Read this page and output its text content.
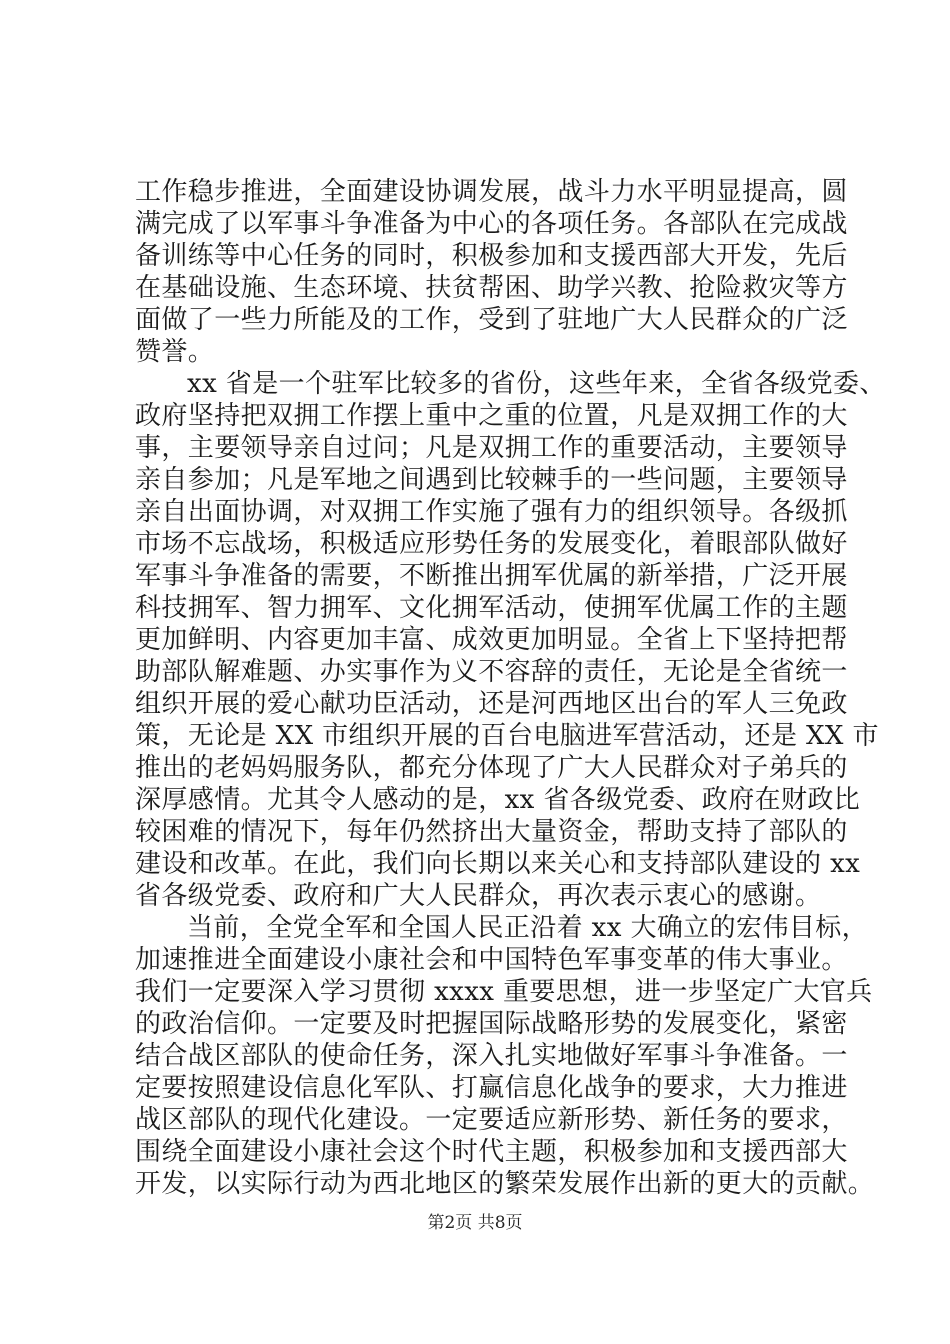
工作稳步推进，全面建设协调发展，战斗力水平明显提高，圆
满完成了以军事斗争准备为中心的各项任务。各部队在完成战
备训练等中心任务的同时，积极参加和支援西部大开发，先后
在基础设施、生态环境、扶贫帮困、助学兴教、抢险救灾等方
面做了一些力所能及的工作，受到了驻地广大人民群众的广泛
赞誉。
xx 省是一个驻军比较多的省份，这些年来，全省各级党委、
政府坚持把双拥工作摆上重中之重的位置，凡是双拥工作的大
事，主要领导亲自过问；凡是双拥工作的重要活动，主要领导
亲自参加；凡是军地之间遇到比较棘手的一些问题，主要领导
亲自出面协调，对双拥工作实施了强有力的组织领导。各级抓
市场不忘战场，积极适应形势任务的发展变化，着眼部队做好
军事斗争准备的需要，不断推出拥军优属的新举措，广泛开展
科技拥军、智力拥军、文化拥军活动，使拥军优属工作的主题
更加鲜明、内容更加丰富、成效更加明显。全省上下坚持把帮
助部队解难题、办实事作为义不容辞的责任，无论是全省统一
组织开展的爱心献功臣活动，还是河西地区出台的军人三免政
策，无论是 XX 市组织开展的百台电脑进军营活动，还是 XX 市
推出的老妈妈服务队，都充分体现了广大人民群众对子弟兵的
深厚感情。尤其令人感动的是，xx 省各级党委、政府在财政比
较困难的情况下，每年仍然挤出大量资金，帮助支持了部队的
建设和改革。在此，我们向长期以来关心和支持部队建设的 xx
省各级党委、政府和广大人民群众，再次表示衷心的感谢。
当前，全党全军和全国人民正沿着 xx 大确立的宏伟目标，
加速推进全面建设小康社会和中国特色军事变革的伟大事业。
我们一定要深入学习贯彻 xxxx 重要思想，进一步坚定广大官兵
的政治信仰。一定要及时把握国际战略形势的发展变化，紧密
结合战区部队的使命任务，深入扎实地做好军事斗争准备。一
定要按照建设信息化军队、打赢信息化战争的要求，大力推进
战区部队的现代化建设。一定要适应新形势、新任务的要求，
围绕全面建设小康社会这个时代主题，积极参加和支援西部大
开发，以实际行动为西北地区的繁荣发展作出新的更大的贡献。
第2页 共8页
